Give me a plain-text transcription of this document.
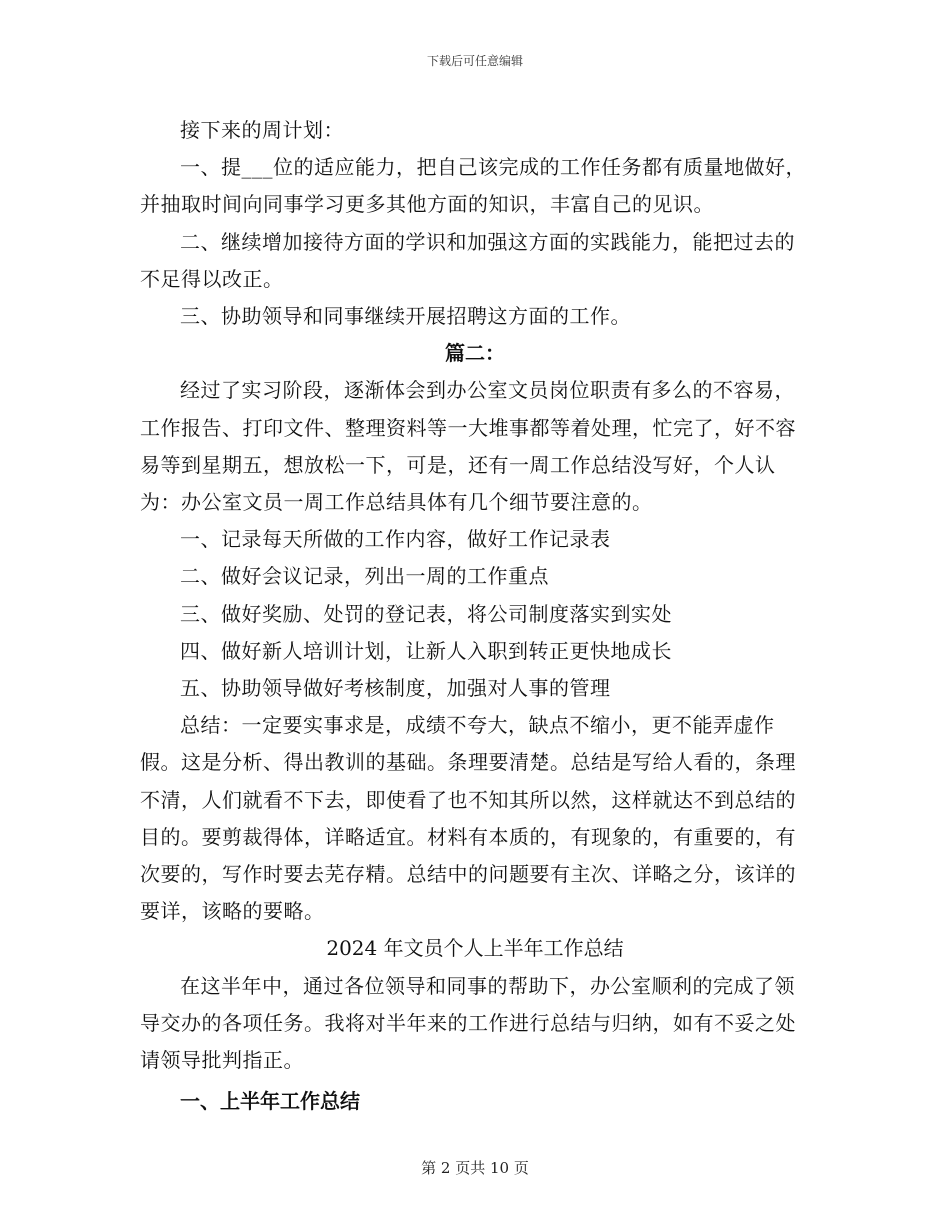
下载后可任意编辑

接下来的周计划：

一、提___位的适应能力，把自己该完成的工作任务都有质量地做好，并抽取时间向同事学习更多其他方面的知识，丰富自己的见识。

二、继续增加接待方面的学识和加强这方面的实践能力，能把过去的不足得以改正。

三、协助领导和同事继续开展招聘这方面的工作。

篇二：

经过了实习阶段，逐渐体会到办公室文员岗位职责有多么的不容易，工作报告、打印文件、整理资料等一大堆事都等着处理，忙完了，好不容易等到星期五，想放松一下，可是，还有一周工作总结没写好，个人认为：办公室文员一周工作总结具体有几个细节要注意的。

一、记录每天所做的工作内容，做好工作记录表

二、做好会议记录，列出一周的工作重点

三、做好奖励、处罚的登记表，将公司制度落实到实处

四、做好新人培训计划，让新人入职到转正更快地成长

五、协助领导做好考核制度，加强对人事的管理

总结：一定要实事求是，成绩不夸大，缺点不缩小，更不能弄虚作假。这是分析、得出教训的基础。条理要清楚。总结是写给人看的，条理不清，人们就看不下去，即使看了也不知其所以然，这样就达不到总结的目的。要剪裁得体，详略适宜。材料有本质的，有现象的，有重要的，有次要的，写作时要去芜存精。总结中的问题要有主次、详略之分，该详的要详，该略的要略。

2024 年文员个人上半年工作总结

在这半年中，通过各位领导和同事的帮助下，办公室顺利的完成了领导交办的各项任务。我将对半年来的工作进行总结与归纳，如有不妥之处请领导批判指正。

一、上半年工作总结

第 2 页共 10 页
